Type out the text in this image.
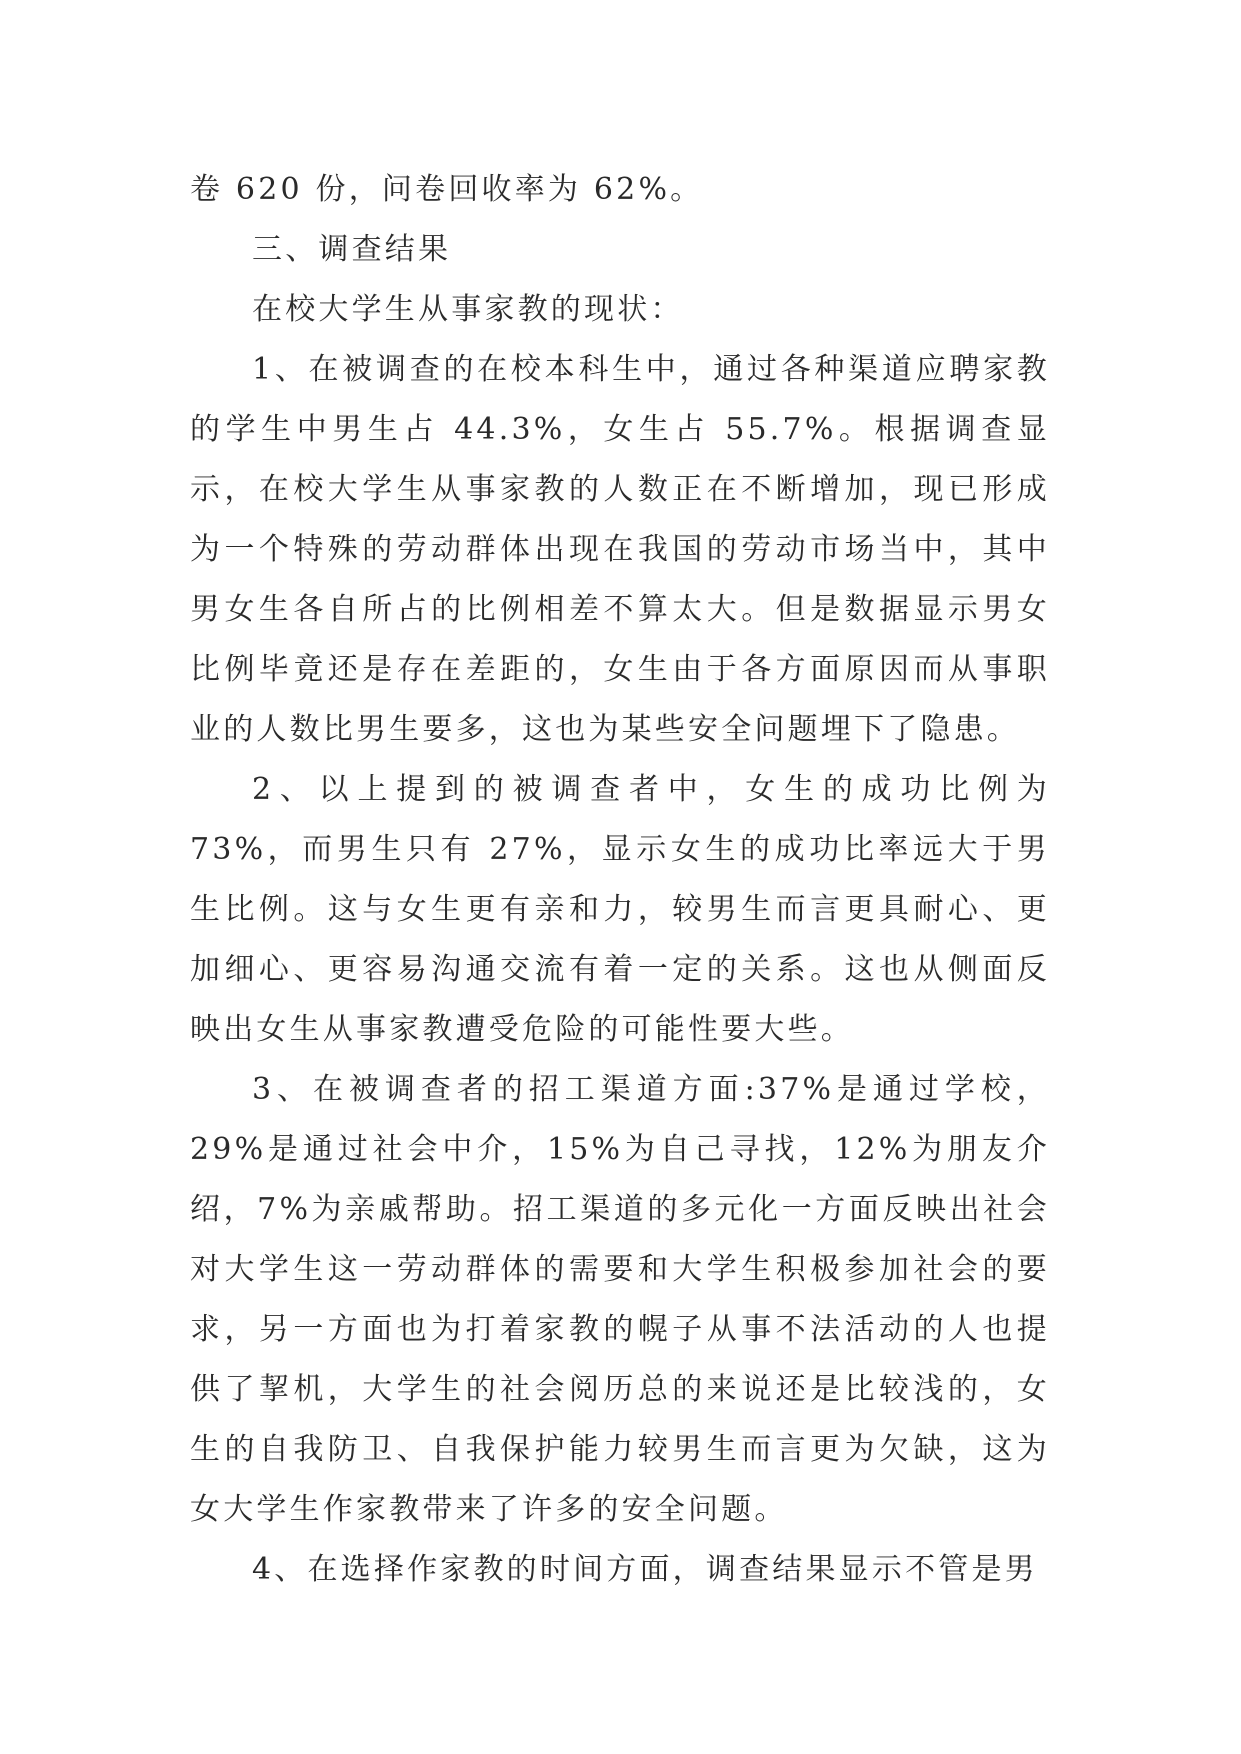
卷 620 份，问卷回收率为 62%。

三、调查结果

在校大学生从事家教的现状：

1、在被调查的在校本科生中，通过各种渠道应聘家教的学生中男生占 44.3%，女生占 55.7%。根据调查显示，在校大学生从事家教的人数正在不断增加，现已形成为一个特殊的劳动群体出现在我国的劳动市场当中，其中男女生各自所占的比例相差不算太大。但是数据显示男女比例毕竟还是存在差距的，女生由于各方面原因而从事职业的人数比男生要多，这也为某些安全问题埋下了隐患。

2、以上提到的被调查者中，女生的成功比例为 73%，而男生只有 27%，显示女生的成功比率远大于男生比例。这与女生更有亲和力，较男生而言更具耐心、更加细心、更容易沟通交流有着一定的关系。这也从侧面反映出女生从事家教遭受危险的可能性要大些。

3、在被调查者的招工渠道方面:37%是通过学校，29%是通过社会中介，15%为自己寻找，12%为朋友介绍，7%为亲戚帮助。招工渠道的多元化一方面反映出社会对大学生这一劳动群体的需要和大学生积极参加社会的要求，另一方面也为打着家教的幌子从事不法活动的人也提供了挈机，大学生的社会阅历总的来说还是比较浅的，女生的自我防卫、自我保护能力较男生而言更为欠缺，这为女大学生作家教带来了许多的安全问题。

4、在选择作家教的时间方面，调查结果显示不管是男
